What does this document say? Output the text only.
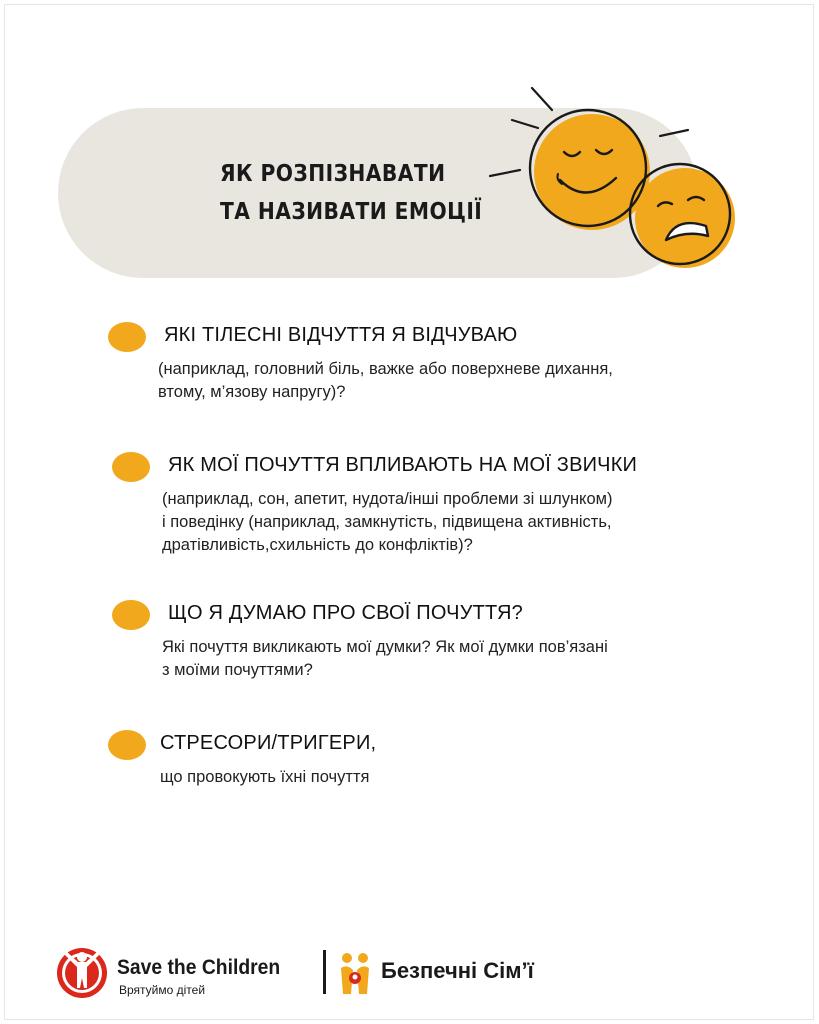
ЯК РОЗПІЗНАВАТИ
ТА НАЗИВАТИ ЕМОЦІЇ
ЯКІ ТІЛЕСНІ ВІДЧУТТЯ Я ВІДЧУВАЮ
(наприклад, головний біль, важке або поверхневе дихання,
втому, м’язову напругу)?
ЯК МОЇ ПОЧУТТЯ ВПЛИВАЮТЬ НА МОЇ ЗВИЧКИ
(наприклад, сон, апетит, нудота/інші проблеми зі шлунком)
і поведінку (наприклад, замкнутість, підвищена активність,
дратівливість,схильність до конфліктів)?
ЩО Я ДУМАЮ ПРО СВОЇ ПОЧУТТЯ?
Які почуття викликають мої думки? Як мої думки пов’язані
з моїми почуттями?
СТРЕСОРИ/ТРИГЕРИ,
що провокують їхні почуття
Save the Children
Врятуймо дітей
Безпечні Сім’ї
